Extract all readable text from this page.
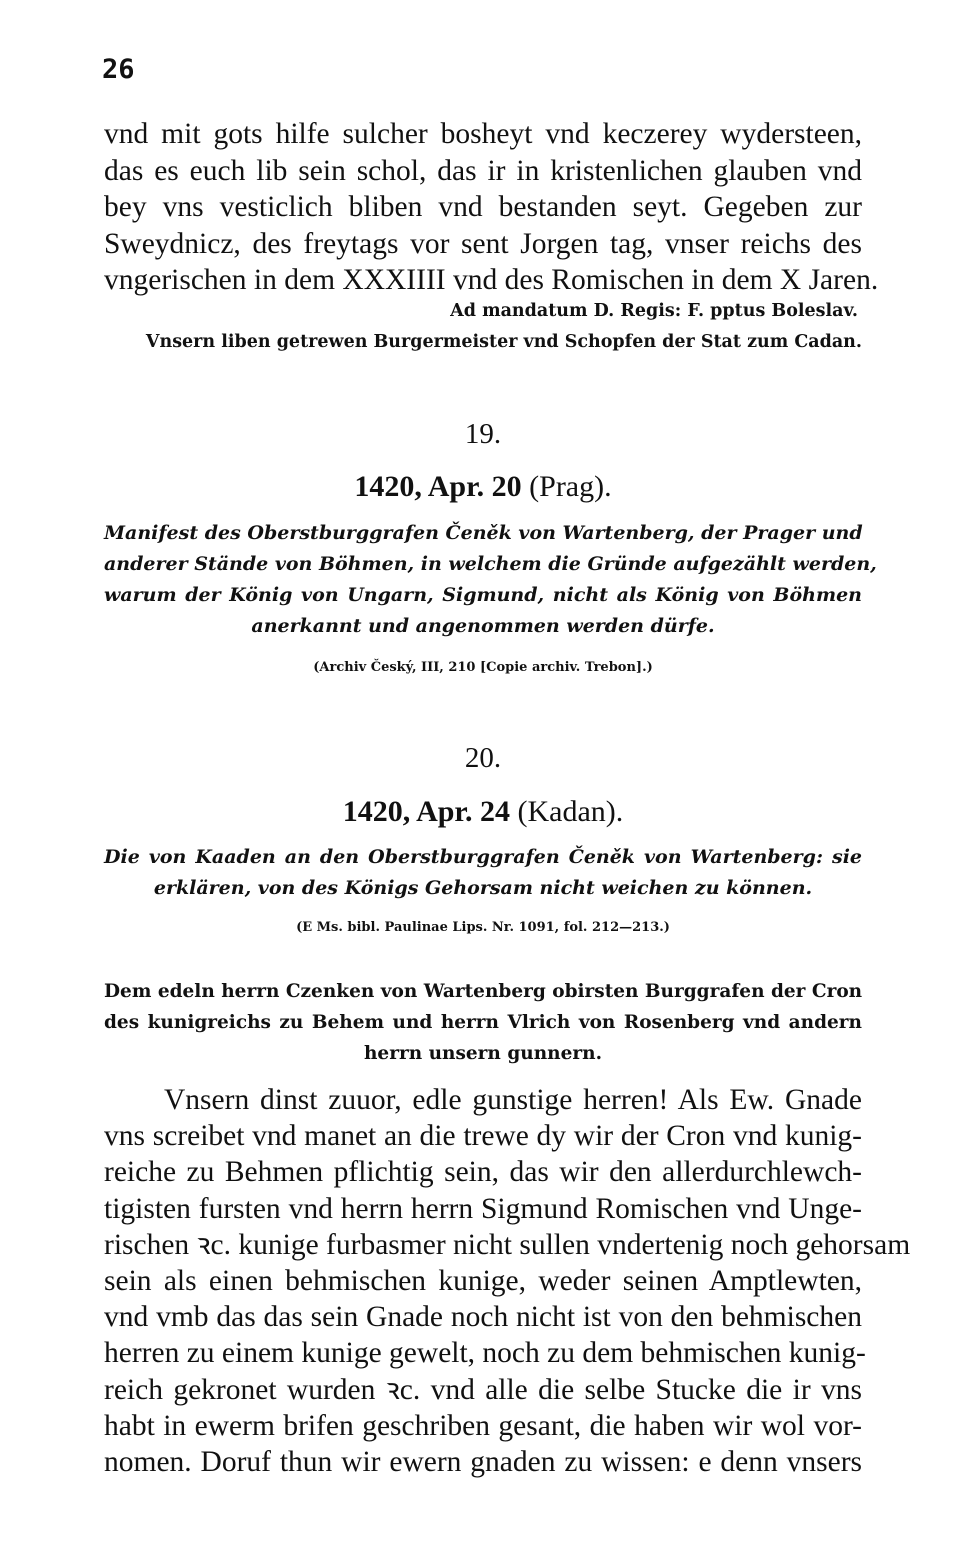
26
vnd mit gots hilfe sulcher bosheyt vnd keczerey wydersteen,
das es euch lib sein schol, das ir in kristenlichen glauben vnd
bey vns vesticlich bliben vnd bestanden seyt. Gegeben zur
Sweydnicz, des freytags vor sent Jorgen tag, vnser reichs des
vngerischen in dem XXXIIII vnd des Romischen in dem X Jaren.
Ad mandatum D. Regis: F. pptus Boleslav.
Vnsern liben getrewen Burgermeister vnd Schopfen der Stat zum Cadan.
19.
1420, Apr. 20 (Prag).
Manifest des Oberstburggrafen Čeněk von Wartenberg, der Prager und
anderer Stände von Böhmen, in welchem die Gründe aufgezählt werden,
warum der König von Ungarn, Sigmund, nicht als König von Böhmen
anerkannt und angenommen werden dürfe.
(Archiv Český, III, 210 [Copie archiv. Trebon].)
20.
1420, Apr. 24 (Kadan).
Die von Kaaden an den Oberstburggrafen Čeněk von Wartenberg: sie
erklären, von des Königs Gehorsam nicht weichen zu können.
(E Ms. bibl. Paulinae Lips. Nr. 1091, fol. 212—213.)
Dem edeln herrn Czenken von Wartenberg obirsten Burggrafen der Cron
des kunigreichs zu Behem und herrn Vlrich von Rosenberg vnd andern
herrn unsern gunnern.
Vnsern dinst zuuor, edle gunstige herren! Als Ew. Gnade
vns screibet vnd manet an die trewe dy wir der Cron vnd kunig-
reiche zu Behmen pflichtig sein, das wir den allerdurchlewch-
tigisten fursten vnd herrn herrn Sigmund Romischen vnd Unge-
rischen ꝛc. kunige furbasmer nicht sullen vndertenig noch gehorsam
sein als einen behmischen kunige, weder seinen Amptlewten,
vnd vmb das das sein Gnade noch nicht ist von den behmischen
herren zu einem kunige gewelt, noch zu dem behmischen kunig-
reich gekronet wurden ꝛc. vnd alle die selbe Stucke die ir vns
habt in ewerm brifen geschriben gesant, die haben wir wol vor-
nomen. Doruf thun wir ewern gnaden zu wissen: e denn vnsers
